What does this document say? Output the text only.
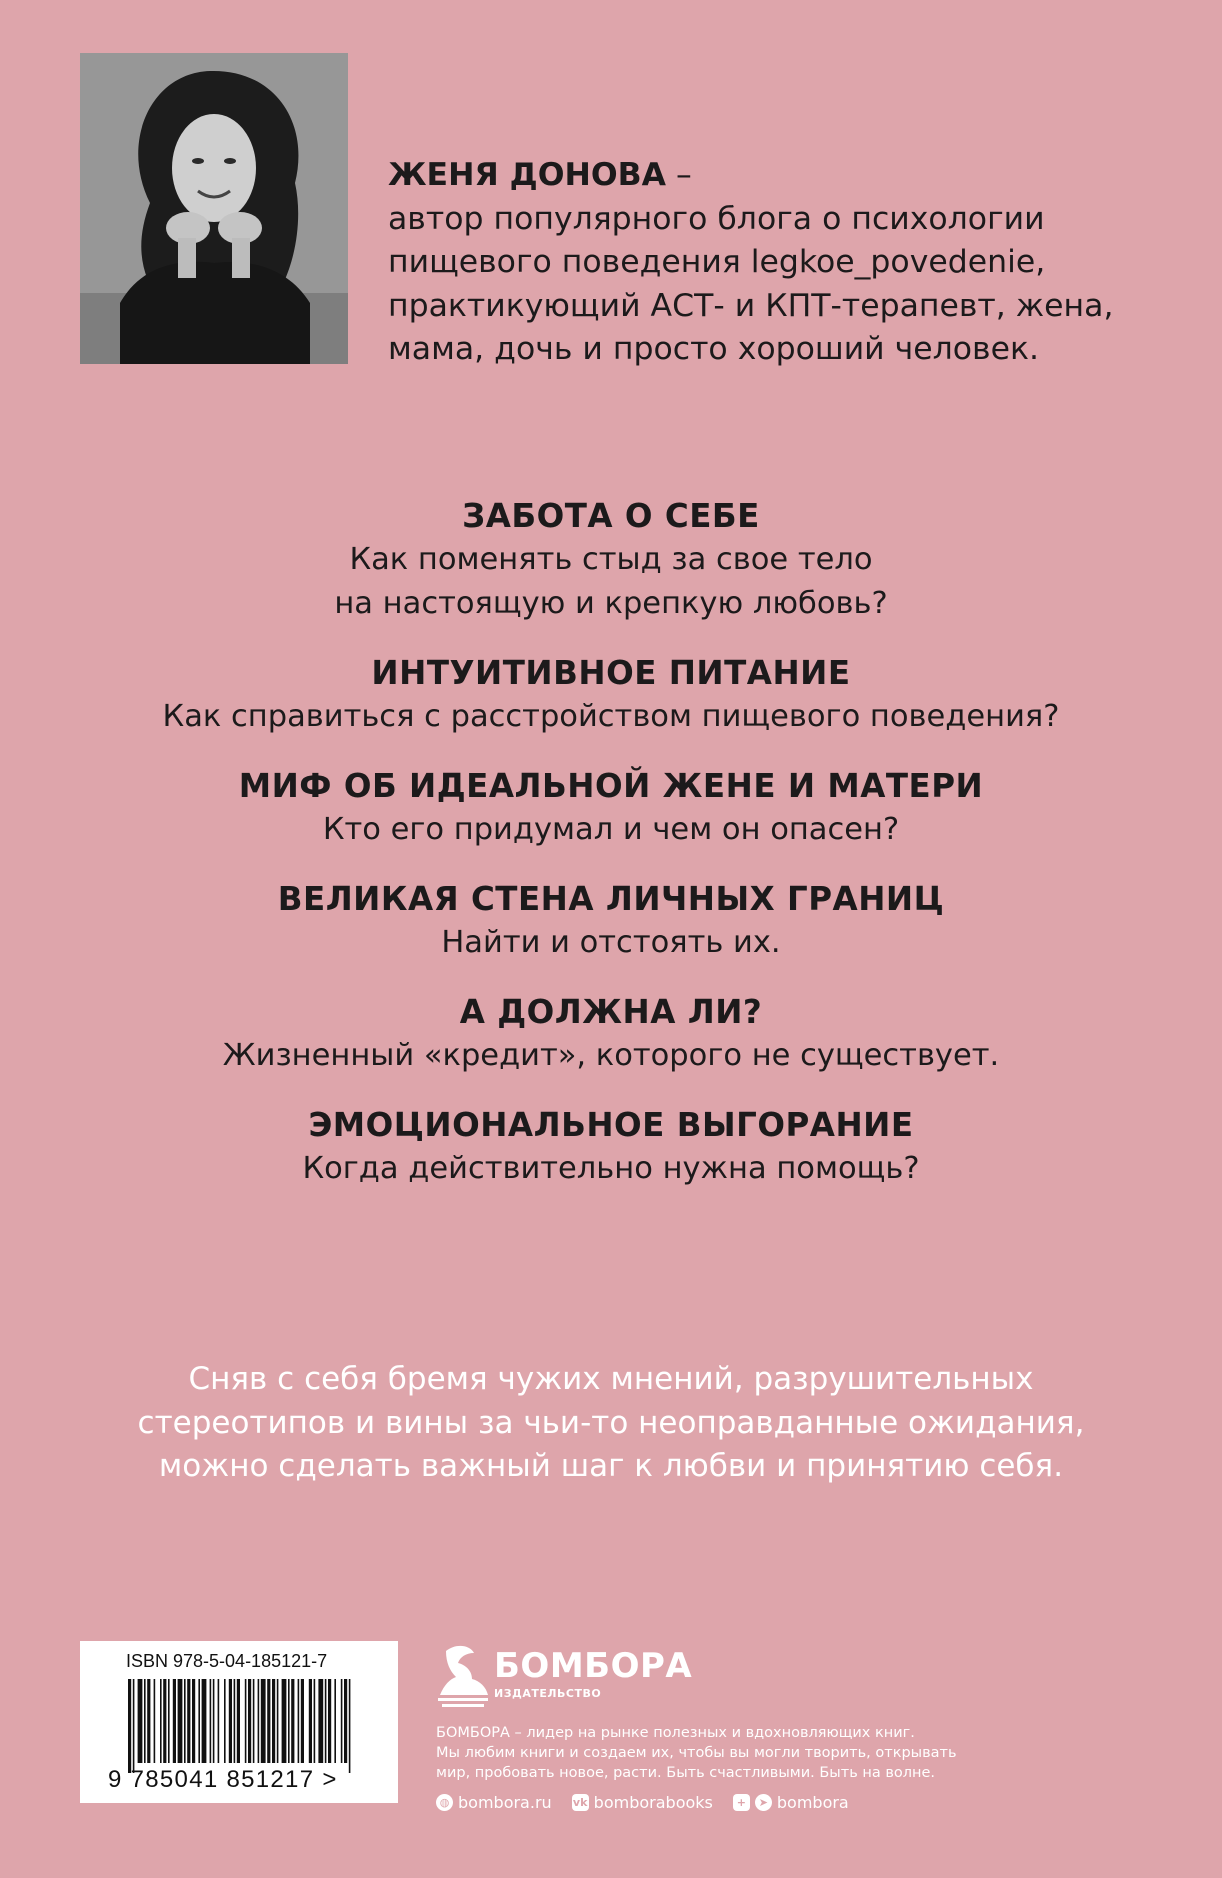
ЖЕНЯ ДОНОВА –
автор популярного блога о психологии
пищевого поведения legkoe_povedenie,
практикующий АСТ- и КПТ-терапевт, жена,
мама, дочь и просто хороший человек.
ЗАБОТА О СЕБЕ

Как поменять стыд за свое тело

на настоящую и крепкую любовь?

ИНТУИТИВНОЕ ПИТАНИЕ

Как справиться с расстройством пищевого поведения?

МИФ ОБ ИДЕАЛЬНОЙ ЖЕНЕ И МАТЕРИ

Кто его придумал и чем он опасен?

ВЕЛИКАЯ СТЕНА ЛИЧНЫХ ГРАНИЦ

Найти и отстоять их.

А ДОЛЖНА ЛИ?

Жизненный «кредит», которого не существует.

ЭМОЦИОНАЛЬНОЕ ВЫГОРАНИЕ

Когда действительно нужна помощь?

Сняв с себя бремя чужих мнений, разрушительных
стереотипов и вины за чьи-то неоправданные ожидания,
можно сделать важный шаг к любви и принятию себя.
ISBN 978-5-04-185121-7
9 785041 851217 >
БОМБОРА
ИЗДАТЕЛЬСТВО
БОМБОРА – лидер на рынке полезных и вдохновляющих книг.
Мы любим книги и создаем их, чтобы вы могли творить, открывать
мир, пробовать новое, расти. Быть счастливыми. Быть на волне.
◍ bombora.ru vk bomborabooks	+	➤ bombora
